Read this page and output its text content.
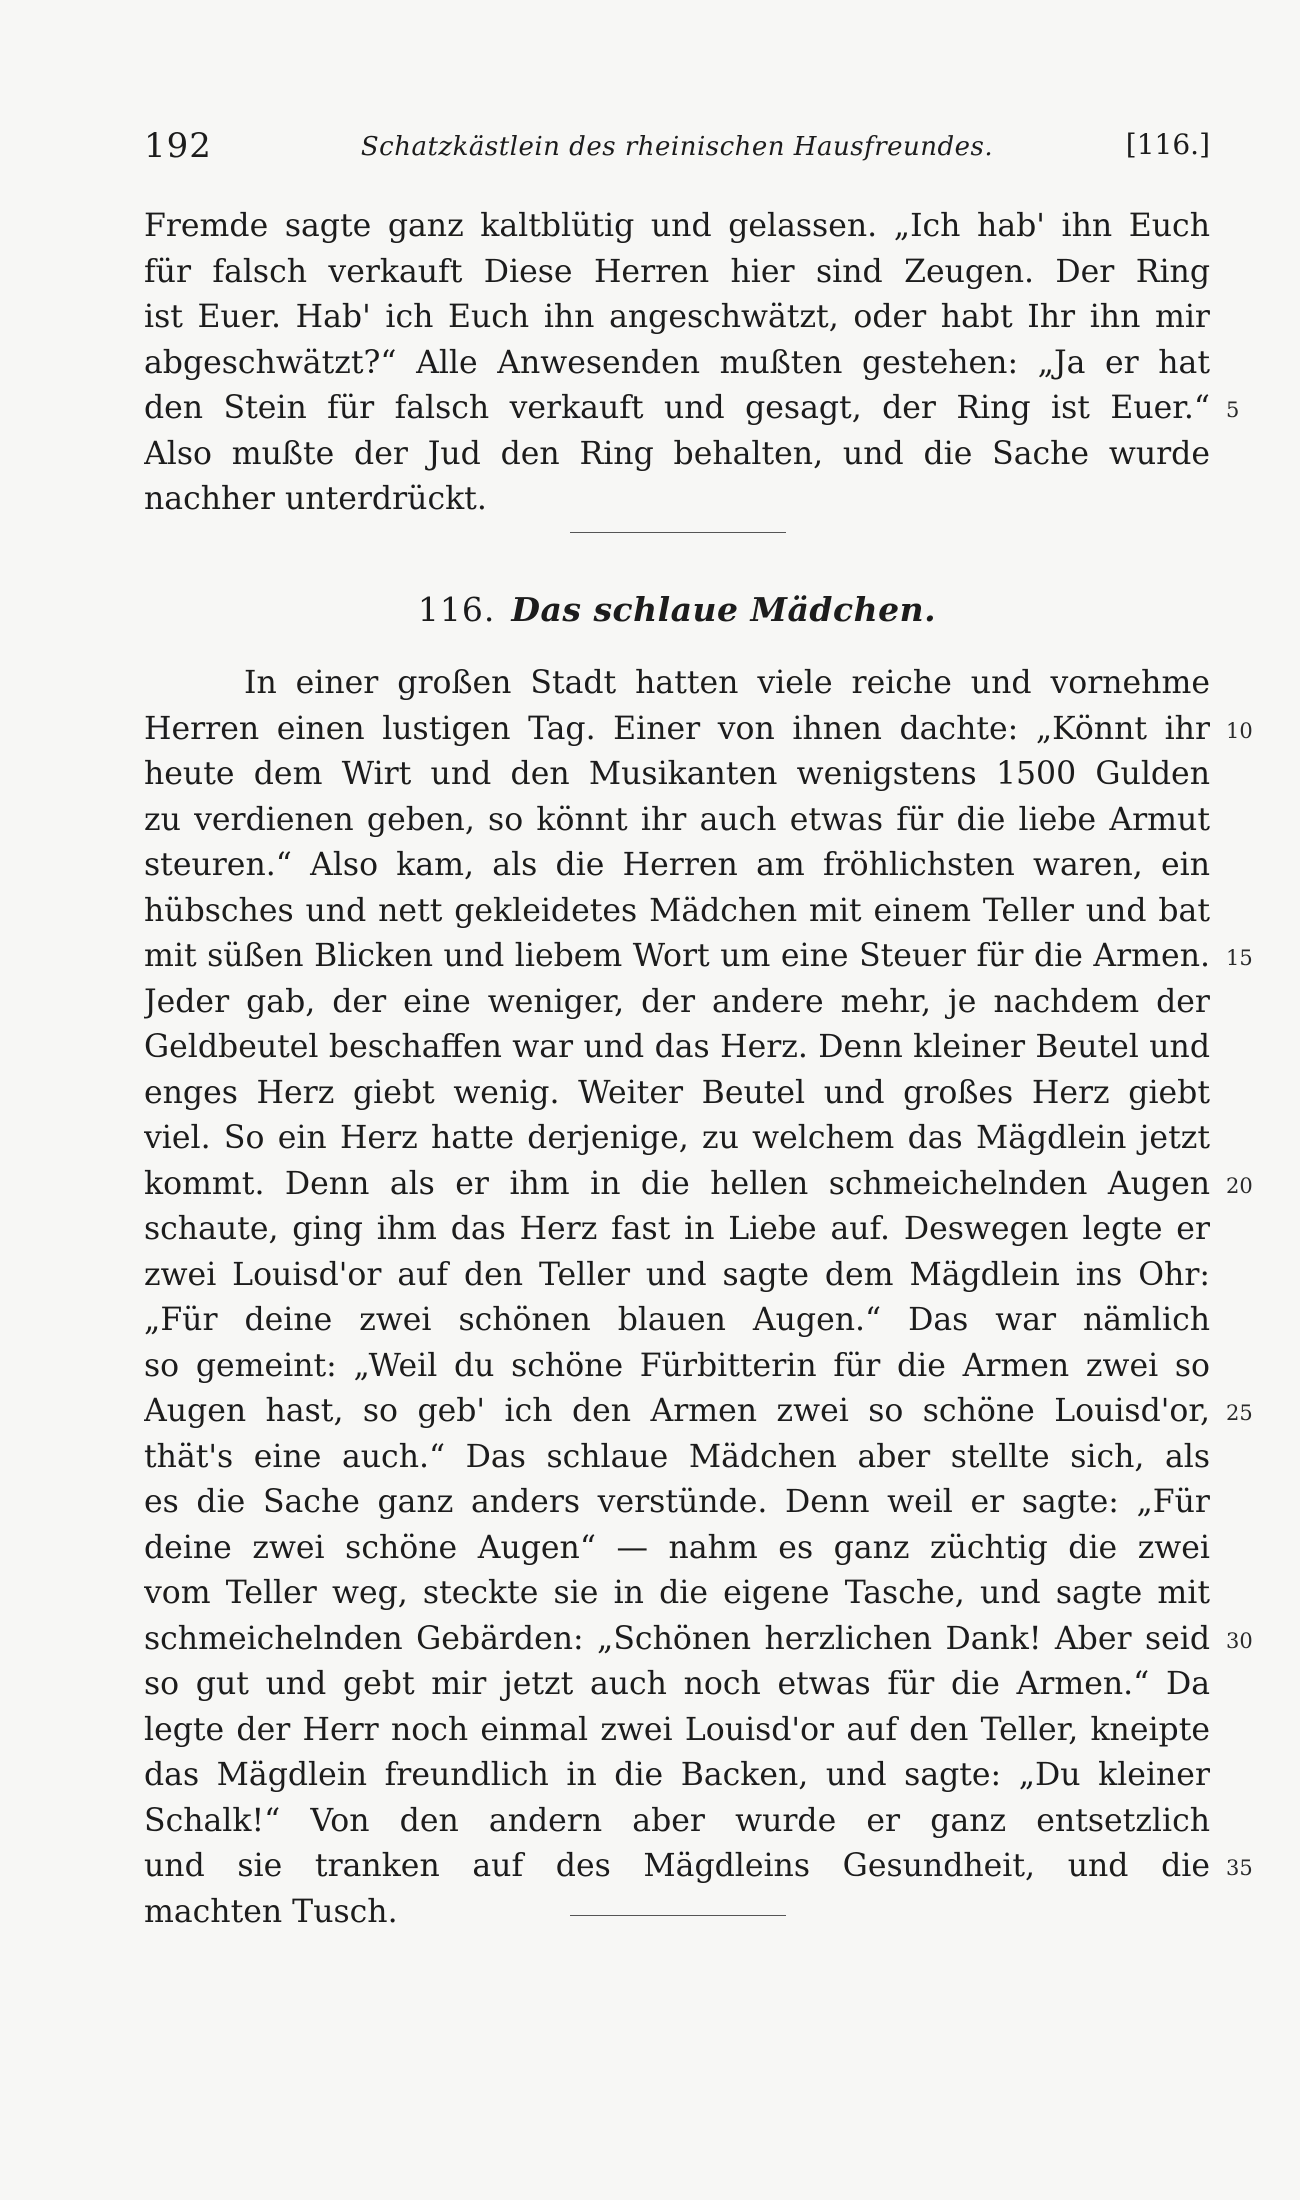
192	Schatzkästlein des rheinischen Hausfreundes.	[116.]
Fremde sagte ganz kaltblütig und gelassen. „Ich hab' ihn Euch
für falsch verkauft Diese Herren hier sind Zeugen. Der Ring
ist Euer. Hab' ich Euch ihn angeschwätzt, oder habt Ihr ihn mir
abgeschwätzt?“ Alle Anwesenden mußten gestehen: „Ja er hat
den Stein für falsch verkauft und gesagt, der Ring ist Euer.“ 5
Also mußte der Jud den Ring behalten, und die Sache wurde
nachher unterdrückt.
116. Das schlaue Mädchen.
In einer großen Stadt hatten viele reiche und vornehme
Herren einen lustigen Tag. Einer von ihnen dachte: „Könnt ihr 10
heute dem Wirt und den Musikanten wenigstens 1500 Gulden
zu verdienen geben, so könnt ihr auch etwas für die liebe Armut
steuren.“ Also kam, als die Herren am fröhlichsten waren, ein
hübsches und nett gekleidetes Mädchen mit einem Teller und bat
mit süßen Blicken und liebem Wort um eine Steuer für die Armen. 15
Jeder gab, der eine weniger, der andere mehr, je nachdem der
Geldbeutel beschaffen war und das Herz. Denn kleiner Beutel und
enges Herz giebt wenig. Weiter Beutel und großes Herz giebt
viel. So ein Herz hatte derjenige, zu welchem das Mägdlein jetzt
kommt. Denn als er ihm in die hellen schmeichelnden Augen 20
schaute, ging ihm das Herz fast in Liebe auf. Deswegen legte er
zwei Louisd'or auf den Teller und sagte dem Mägdlein ins Ohr:
„Für deine zwei schönen blauen Augen.“ Das war nämlich
so gemeint: „Weil du schöne Fürbitterin für die Armen zwei so
Augen hast, so geb' ich den Armen zwei so schöne Louisd'or, 25
thät's eine auch.“ Das schlaue Mädchen aber stellte sich, als
es die Sache ganz anders verstünde. Denn weil er sagte: „Für
deine zwei schöne Augen“ — nahm es ganz züchtig die zwei
vom Teller weg, steckte sie in die eigene Tasche, und sagte mit
schmeichelnden Gebärden: „Schönen herzlichen Dank! Aber seid 30
so gut und gebt mir jetzt auch noch etwas für die Armen.“ Da
legte der Herr noch einmal zwei Louisd'or auf den Teller, kneipte
das Mägdlein freundlich in die Backen, und sagte: „Du kleiner
Schalk!“ Von den andern aber wurde er ganz entsetzlich
und sie tranken auf des Mägdleins Gesundheit, und die 35
machten Tusch.
